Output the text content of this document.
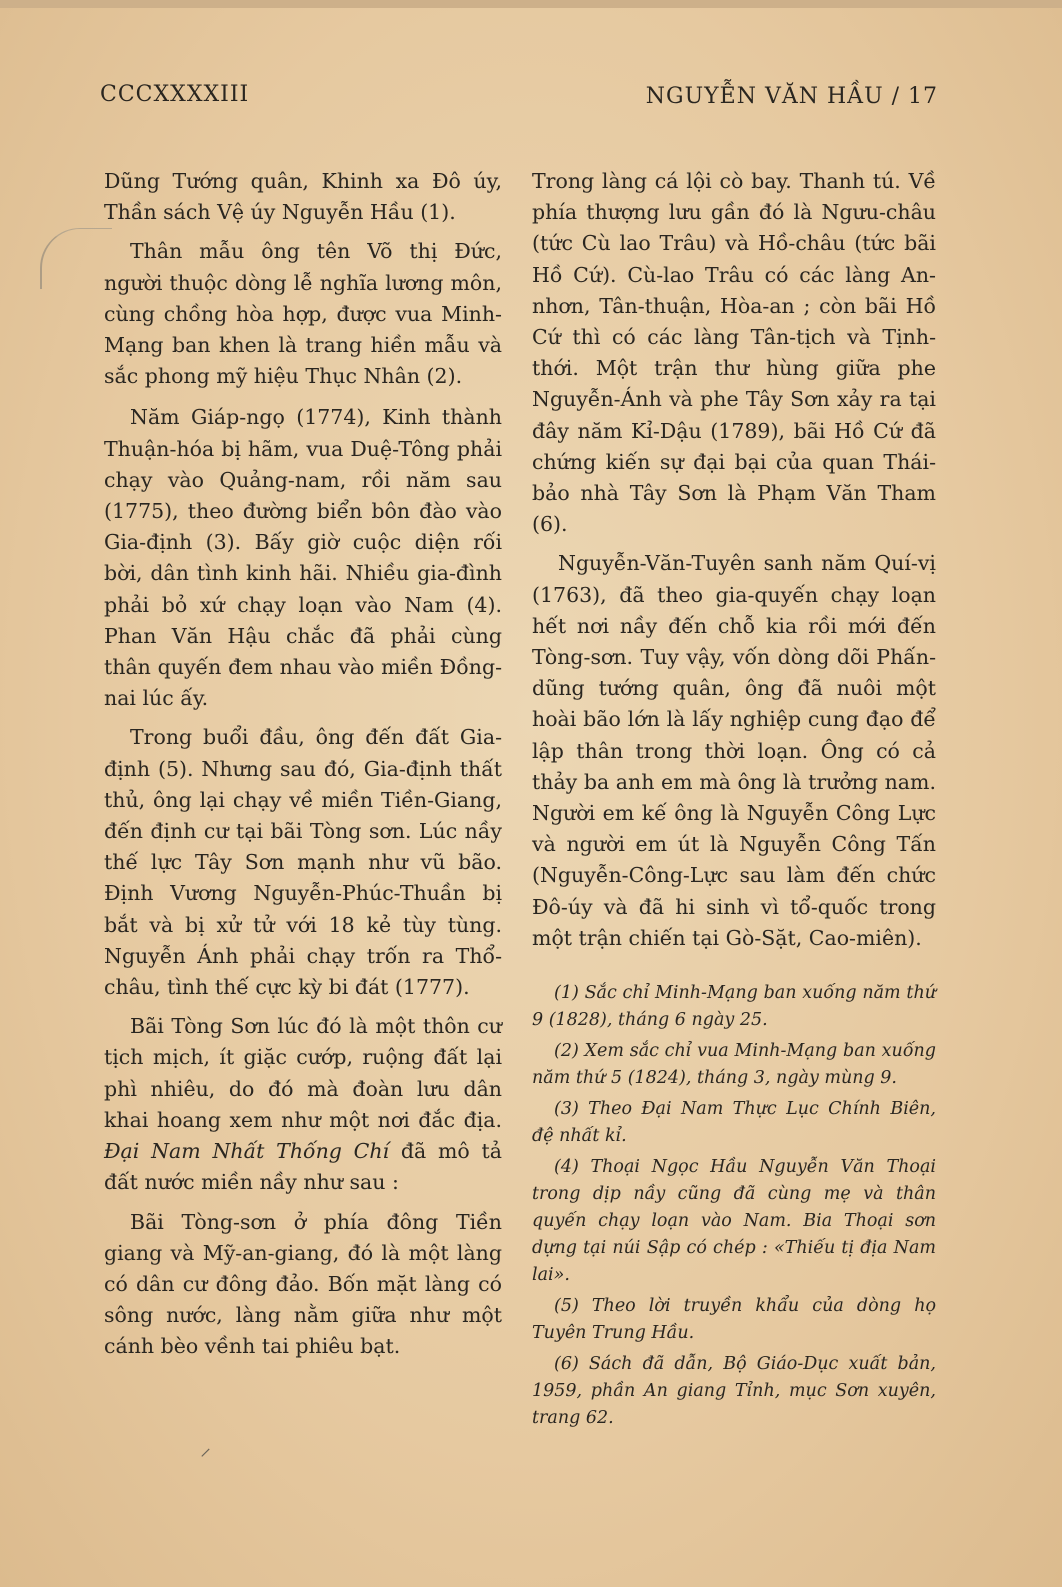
CCCXXXXIII	NGUYỄN VĂN HẦU / 17

Dũng Tướng quân, Khinh xa Đô úy, Thần sách Vệ úy Nguyễn Hầu (1).

Thân mẫu ông tên Võ thị Đức, người thuộc dòng lễ nghĩa lương môn, cùng chồng hòa hợp, được vua Minh-Mạng ban khen là trang hiền mẫu và sắc phong mỹ hiệu Thục Nhân (2).

Năm Giáp-ngọ (1774), Kinh thành Thuận-hóa bị hãm, vua Duệ-Tông phải chạy vào Quảng-nam, rồi năm sau (1775), theo đường biển bôn đào vào Gia-định (3). Bấy giờ cuộc diện rối bời, dân tình kinh hãi. Nhiều gia-đình phải bỏ xứ chạy loạn vào Nam (4). Phan Văn Hậu chắc đã phải cùng thân quyến đem nhau vào miền Đồng-nai lúc ấy.

Trong buổi đầu, ông đến đất Gia-định (5). Nhưng sau đó, Gia-định thất thủ, ông lại chạy về miền Tiền-Giang, đến định cư tại bãi Tòng sơn. Lúc nầy thế lực Tây Sơn mạnh như vũ bão. Định Vương Nguyễn-Phúc-Thuần bị bắt và bị xử tử với 18 kẻ tùy tùng. Nguyễn Ánh phải chạy trốn ra Thổ-châu, tình thế cực kỳ bi đát (1777).

Bãi Tòng Sơn lúc đó là một thôn cư tịch mịch, ít giặc cướp, ruộng đất lại phì nhiêu, do đó mà đoàn lưu dân khai hoang xem như một nơi đắc địa. Đại Nam Nhất Thống Chí đã mô tả đất nước miền nầy như sau :

Bãi Tòng-sơn ở phía đông Tiền giang và Mỹ-an-giang, đó là một làng có dân cư đông đảo. Bốn mặt làng có sông nước, làng nằm giữa như một cánh bèo vềnh tai phiêu bạt.

Trong làng cá lội cò bay. Thanh tú. Về phía thượng lưu gần đó là Ngưu-châu (tức Cù lao Trâu) và Hồ-châu (tức bãi Hồ Cứ). Cù-lao Trâu có các làng An-nhơn, Tân-thuận, Hòa-an ; còn bãi Hồ Cứ thì có các làng Tân-tịch và Tịnh-thới. Một trận thư hùng giữa phe Nguyễn-Ánh và phe Tây Sơn xảy ra tại đây năm Kỉ-Dậu (1789), bãi Hồ Cứ đã chứng kiến sự đại bại của quan Thái-bảo nhà Tây Sơn là Phạm Văn Tham (6).

Nguyễn-Văn-Tuyên sanh năm Quí-vị (1763), đã theo gia-quyến chạy loạn hết nơi nầy đến chỗ kia rồi mới đến Tòng-sơn. Tuy vậy, vốn dòng dõi Phấn-dũng tướng quân, ông đã nuôi một hoài bão lớn là lấy nghiệp cung đạo để lập thân trong thời loạn. Ông có cả thảy ba anh em mà ông là trưởng nam. Người em kế ông là Nguyễn Công Lực và người em út là Nguyễn Công Tấn (Nguyễn-Công-Lực sau làm đến chức Đô-úy và đã hi sinh vì tổ-quốc trong một trận chiến tại Gò-Sặt, Cao-miên).

(1) Sắc chỉ Minh-Mạng ban xuống năm thứ 9 (1828), tháng 6 ngày 25.

(2) Xem sắc chỉ vua Minh-Mạng ban xuống năm thứ 5 (1824), tháng 3, ngày mùng 9.

(3) Theo Đại Nam Thực Lục Chính Biên, đệ nhất kỉ.

(4) Thoại Ngọc Hầu Nguyễn Văn Thoại trong dịp nầy cũng đã cùng mẹ và thân quyến chạy loạn vào Nam. Bia Thoại sơn dựng tại núi Sập có chép : «Thiếu tị địa Nam lai».

(5) Theo lời truyền khẩu của dòng họ Tuyên Trung Hầu.

(6) Sách đã dẫn, Bộ Giáo-Dục xuất bản, 1959, phần An giang Tỉnh, mục Sơn xuyên, trang 62.

⸝
